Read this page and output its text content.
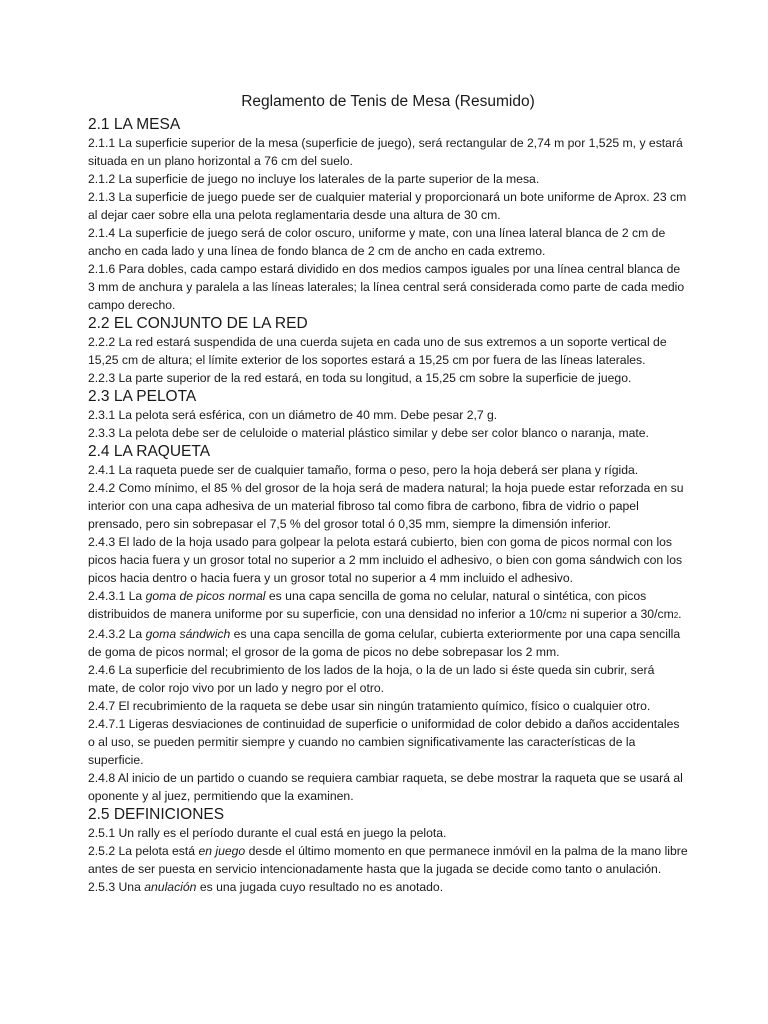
Reglamento de Tenis de Mesa (Resumido)
2.1 LA MESA
2.1.1 La superficie superior de la mesa (superficie de juego), será rectangular de 2,74 m por 1,525 m, y estará situada en un plano horizontal a 76 cm del suelo.
2.1.2 La superficie de juego no incluye los laterales de la parte superior de la mesa.
2.1.3 La superficie de juego puede ser de cualquier material y proporcionará un bote uniforme de Aprox. 23 cm al dejar caer sobre ella una pelota reglamentaria desde una altura de 30 cm.
2.1.4 La superficie de juego será de color oscuro, uniforme y mate, con una línea lateral blanca de 2 cm de ancho en cada lado y una línea de fondo blanca de 2 cm de ancho en cada extremo.
2.1.6 Para dobles, cada campo estará dividido en dos medios campos iguales por una línea central blanca de 3 mm de anchura y paralela a las líneas laterales; la línea central será considerada como parte de cada medio campo derecho.
2.2 EL CONJUNTO DE LA RED
2.2.2 La red estará suspendida de una cuerda sujeta en cada uno de sus extremos a un soporte vertical de 15,25 cm de altura; el límite exterior de los soportes estará a 15,25 cm por fuera de las líneas laterales.
2.2.3 La parte superior de la red estará, en toda su longitud, a 15,25 cm sobre la superficie de juego.
2.3 LA PELOTA
2.3.1 La pelota será esférica, con un diámetro de 40 mm. Debe pesar 2,7 g.
2.3.3 La pelota debe ser de celuloide o material plástico similar y debe ser color blanco o naranja, mate.
2.4 LA RAQUETA
2.4.1 La raqueta puede ser de cualquier tamaño, forma o peso, pero la hoja deberá ser plana y rígida.
2.4.2 Como mínimo, el 85 % del grosor de la hoja será de madera natural; la hoja puede estar reforzada en su interior con una capa adhesiva de un material fibroso tal como fibra de carbono, fibra de vidrio o papel prensado, pero sin sobrepasar el 7,5 % del grosor total ó 0,35 mm, siempre la dimensión inferior.
2.4.3 El lado de la hoja usado para golpear la pelota estará cubierto, bien con goma de picos normal con los picos hacia fuera y un grosor total no superior a 2 mm incluido el adhesivo, o bien con goma sándwich con los picos hacia dentro o hacia fuera y un grosor total no superior a 4 mm incluido el adhesivo.
2.4.3.1 La goma de picos normal es una capa sencilla de goma no celular, natural o sintética, con picos distribuidos de manera uniforme por su superficie, con una densidad no inferior a 10/cm2 ni superior a 30/cm2.
2.4.3.2 La goma sándwich es una capa sencilla de goma celular, cubierta exteriormente por una capa sencilla de goma de picos normal; el grosor de la goma de picos no debe sobrepasar los 2 mm.
2.4.6 La superficie del recubrimiento de los lados de la hoja, o la de un lado si éste queda sin cubrir, será mate, de color rojo vivo por un lado y negro por el otro.
2.4.7 El recubrimiento de la raqueta se debe usar sin ningún tratamiento químico, físico o cualquier otro.
2.4.7.1 Ligeras desviaciones de continuidad de superficie o uniformidad de color debido a daños accidentales o al uso, se pueden permitir siempre y cuando no cambien significativamente las características de la superficie.
2.4.8 Al inicio de un partido o cuando se requiera cambiar raqueta, se debe mostrar la raqueta que se usará al oponente y al juez, permitiendo que la examinen.
2.5 DEFINICIONES
2.5.1 Un rally es el período durante el cual está en juego la pelota.
2.5.2 La pelota está en juego desde el último momento en que permanece inmóvil en la palma de la mano libre antes de ser puesta en servicio intencionadamente hasta que la jugada se decide como tanto o anulación.
2.5.3 Una anulación es una jugada cuyo resultado no es anotado.
